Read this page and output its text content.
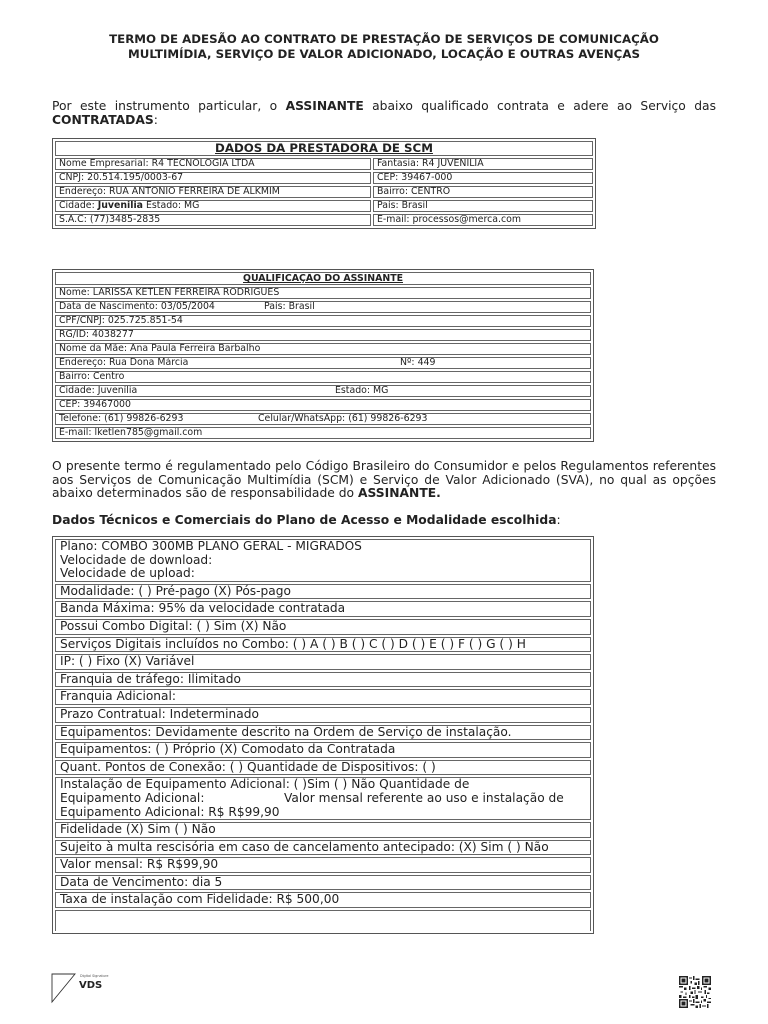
TERMO DE ADESÃO AO CONTRATO DE PRESTAÇÃO DE SERVIÇOS DE COMUNICAÇÃO
MULTIMÍDIA, SERVIÇO DE VALOR ADICIONADO, LOCAÇÃO E OUTRAS AVENÇAS
Por este instrumento particular, o ASSINANTE abaixo qualificado contrata e adere ao Serviço das CONTRATADAS:
DADOS DA PRESTADORA DE SCM	
Nome Empresarial: R4 TECNOLOGIA LTDA	Fantasia: R4 JUVENILIA
CNPJ: 20.514.195/0003-67	CEP: 39467-000
Endereço: RUA ANTONIO FERREIRA DE ALKMIM	Bairro: CENTRO
Cidade: Juvenilia Estado: MG	País: Brasil
S.A.C: (77)3485-2835	E-mail: processos@merca.com
QUALIFICAÇÃO DO ASSINANTE
Nome: LARISSA KETLEN FERREIRA RODRIGUES
Data de Nascimento: 03/05/2004	País: Brasil
CPF/CNPJ: 025.725.851-54
RG/ID: 4038277
Nome da Mãe: Ana Paula Ferreira Barbalho
Endereço: Rua Dona Márcia	Nº: 449
Bairro: Centro
Cidade: Juvenília	Estado: MG
CEP: 39467000
Telefone: (61) 99826-6293	Celular/WhatsApp: (61) 99826-6293
E-mail: lketlen785@gmail.com
O presente termo é regulamentado pelo Código Brasileiro do Consumidor e pelos Regulamentos referentes aos Serviços de Comunicação Multimídia (SCM) e Serviço de Valor Adicionado (SVA), no qual as opções abaixo determinados são de responsabilidade do ASSINANTE.
Dados Técnicos e Comerciais do Plano de Acesso e Modalidade escolhida:
Plano: COMBO 300MB PLANO GERAL - MIGRADOS
Velocidade de download:
Velocidade de upload:

Modalidade: ( ) Pré-pago (X) Pós-pago
Banda Máxima: 95% da velocidade contratada
Possui Combo Digital: ( ) Sim (X) Não
Serviços Digitais incluídos no Combo: ( ) A ( ) B ( ) C ( ) D ( ) E ( ) F ( ) G ( ) H
IP: ( ) Fixo (X) Variável
Franquia de tráfego: Ilimitado
Franquia Adicional:
Prazo Contratual: Indeterminado
Equipamentos: Devidamente descrito na Ordem de Serviço de instalação.
Equipamentos: ( ) Próprio (X) Comodato da Contratada
Quant. Pontos de Conexão: ( ) Quantidade de Dispositivos: ( )

Instalação de Equipamento Adicional: ( )Sim ( ) Não Quantidade de
Equipamento Adicional:	Valor mensal referente ao uso e instalação de
Equipamento Adicional: R$ R$99,90

Fidelidade (X) Sim ( ) Não
Sujeito à multa rescisória em caso de cancelamento antecipado: (X) Sim ( ) Não
Valor mensal: R$ R$99,90
Data de Vencimento: dia 5
Taxa de instalação com Fidelidade: R$ 500,00

Digital Signature
VDS
